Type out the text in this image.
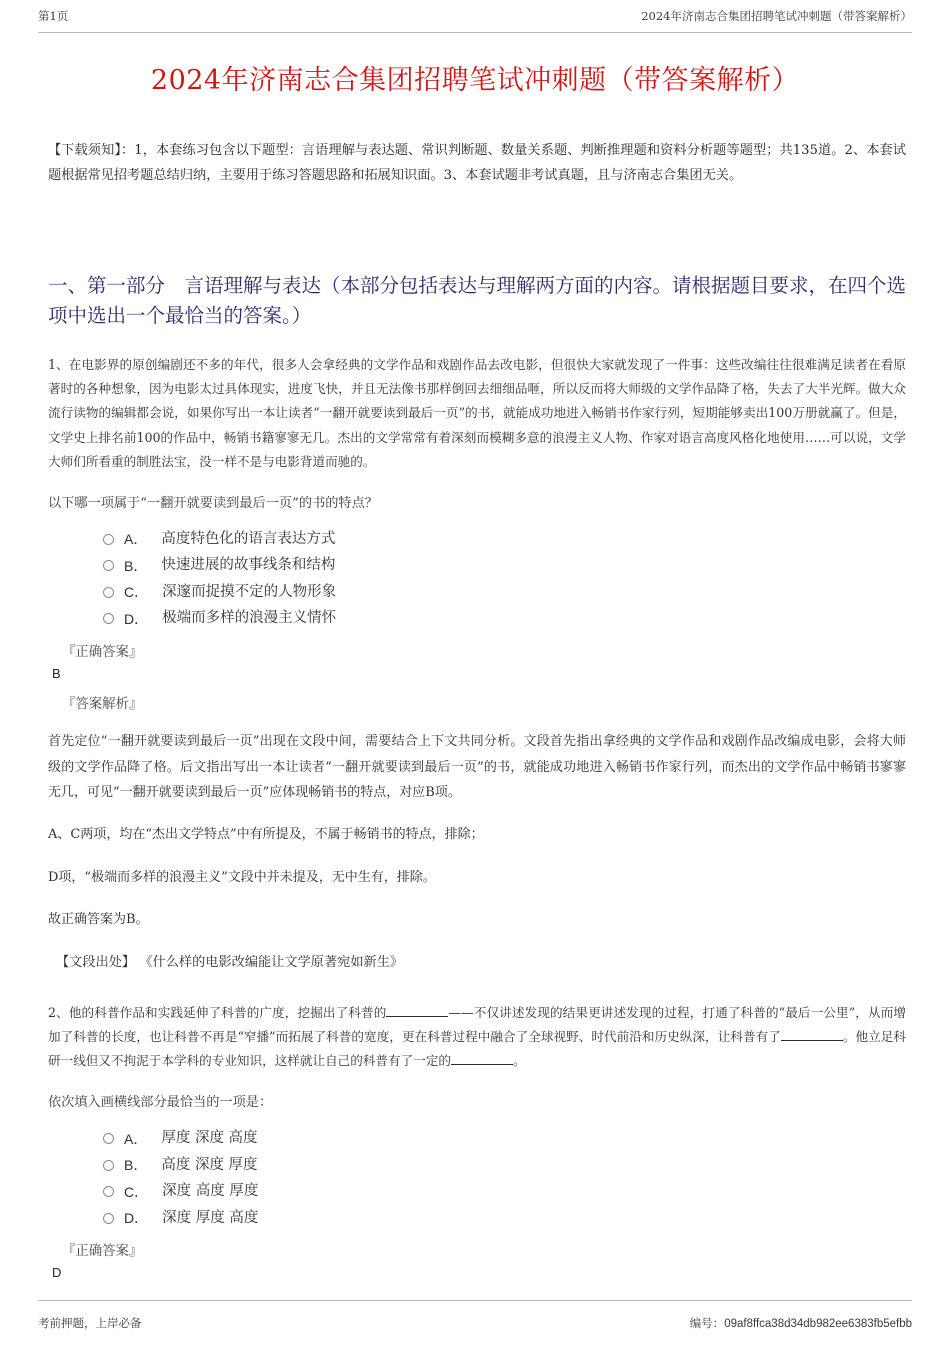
第1页	2024年济南志合集团招聘笔试冲刺题（带答案解析）
2024年济南志合集团招聘笔试冲刺题（带答案解析）

【下载须知】：1，本套练习包含以下题型：言语理解与表达题、常识判断题、数量关系题、判断推理题和资料分析题等题型；共135道。2、本套试题根据常见招考题总结归纳，主要用于练习答题思路和拓展知识面。3、本套试题非考试真题，且与济南志合集团无关。

一、第一部分　言语理解与表达（本部分包括表达与理解两方面的内容。请根据题目要求，在四个选项中选出一个最恰当的答案。）

1、在电影界的原创编剧还不多的年代，很多人会拿经典的文学作品和戏剧作品去改电影，但很快大家就发现了一件事：这些改编往往很难满足读者在看原著时的各种想象，因为电影太过具体现实，进度飞快，并且无法像书那样倒回去细细品咂，所以反而将大师级的文学作品降了格，失去了大半光辉。做大众流行读物的编辑都会说，如果你写出一本让读者“一翻开就要读到最后一页”的书，就能成功地进入畅销书作家行列，短期能够卖出100万册就赢了。但是，文学史上排名前100的作品中，畅销书籍寥寥无几。杰出的文学常常有着深刻而模糊多意的浪漫主义人物、作家对语言高度风格化地使用……可以说，文学大师们所看重的制胜法宝，没一样不是与电影背道而驰的。

以下哪一项属于“一翻开就要读到最后一页”的书的特点？

A． 高度特色化的语言表达方式
B． 快速进展的故事线条和结构
C． 深邃而捉摸不定的人物形象
D． 极端而多样的浪漫主义情怀

『正确答案』

B

『答案解析』

首先定位“一翻开就要读到最后一页”出现在文段中间，需要结合上下文共同分析。文段首先指出拿经典的文学作品和戏剧作品改编成电影，会将大师级的文学作品降了格。后文指出写出一本让读者“一翻开就要读到最后一页”的书，就能成功地进入畅销书作家行列，而杰出的文学作品中畅销书寥寥无几，可见“一翻开就要读到最后一页”应体现畅销书的特点，对应B项。

A、C两项，均在“杰出文学特点”中有所提及，不属于畅销书的特点，排除；

D项，“极端而多样的浪漫主义”文段中并未提及，无中生有，排除。

故正确答案为B。

【文段出处】 《什么样的电影改编能让文学原著宛如新生》

2、他的科普作品和实践延伸了科普的广度，挖掘出了科普的	——不仅讲述发现的结果更讲述发现的过程，打通了科普的“最后一公里”，从而增加了科普的长度，也让科普不再是“窄播”而拓展了科普的宽度，更在科普过程中融合了全球视野、时代前沿和历史纵深，让科普有了	。他立足科研一线但又不拘泥于本学科的专业知识，这样就让自己的科普有了一定的	。

依次填入画横线部分最恰当的一项是：

A． 厚度 深度 高度
B． 高度 深度 厚度
C． 深度 高度 厚度
D． 深度 厚度 高度

『正确答案』

D

考前押题，上岸必备	编号：09af8ffca38d34db982ee6383fb5efbb
